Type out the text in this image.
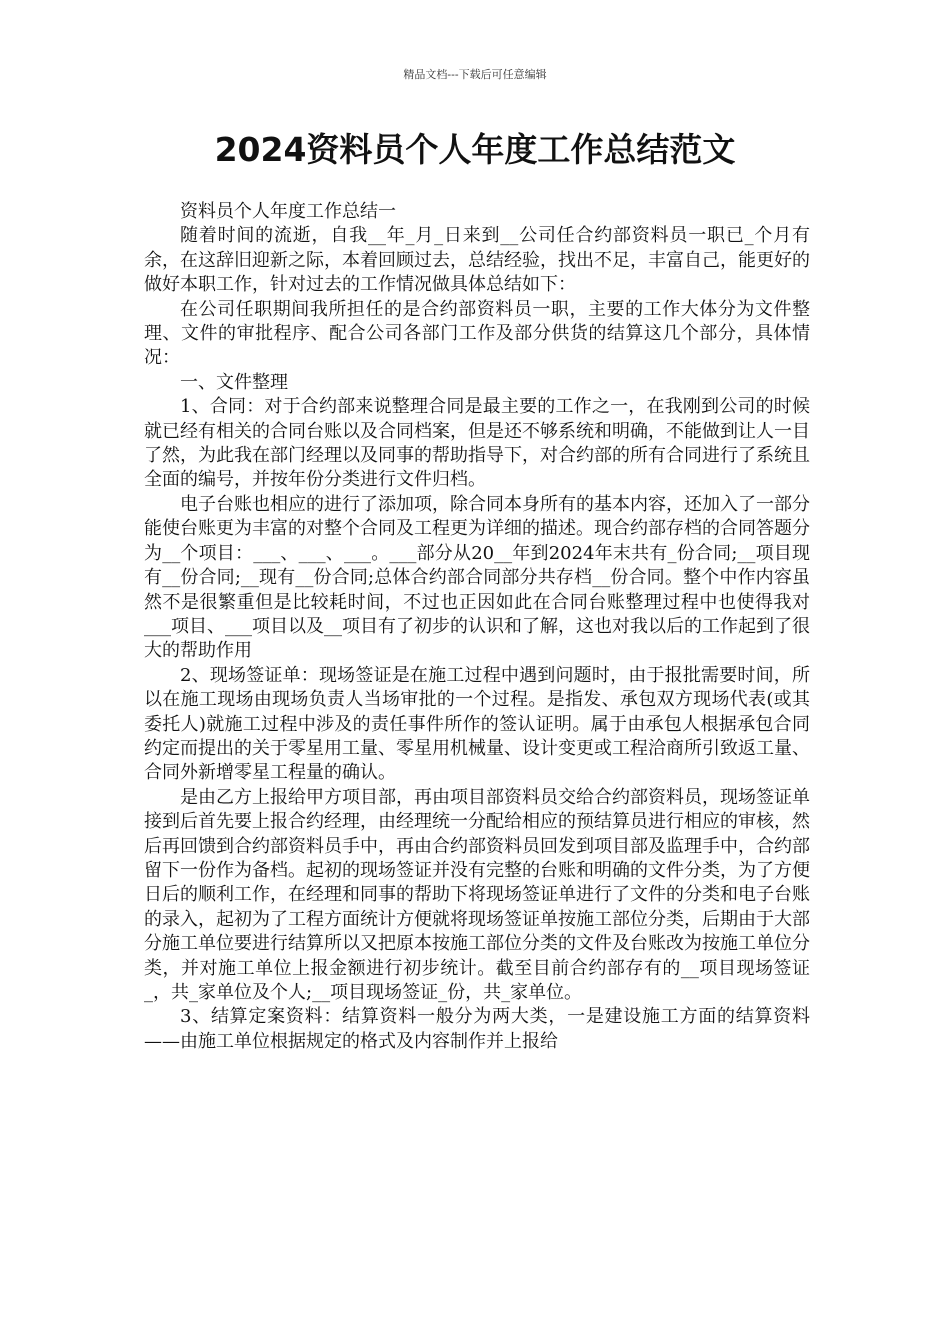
精品文档---下载后可任意编辑
2024资料员个人年度工作总结范文

资料员个人年度工作总结一

随着时间的流逝，自我__年_月_日来到__公司任合约部资料员一职已_个月有余，在这辞旧迎新之际，本着回顾过去，总结经验，找出不足，丰富自己，能更好的做好本职工作，针对过去的工作情况做具体总结如下：

在公司任职期间我所担任的是合约部资料员一职，主要的工作大体分为文件整理、文件的审批程序、配合公司各部门工作及部分供货的结算这几个部分，具体情况：

一、文件整理

1、合同：对于合约部来说整理合同是最主要的工作之一，在我刚到公司的时候就已经有相关的合同台账以及合同档案，但是还不够系统和明确，不能做到让人一目了然，为此我在部门经理以及同事的帮助指导下，对合约部的所有合同进行了系统且全面的编号，并按年份分类进行文件归档。

电子台账也相应的进行了添加项，除合同本身所有的基本内容，还加入了一部分能使台账更为丰富的对整个合同及工程更为详细的描述。现合约部存档的合同答题分为__个项目：___、___、___。___部分从20__年到2024年末共有_份合同;__项目现有__份合同;__现有__份合同;总体合约部合同部分共存档__份合同。整个中作内容虽然不是很繁重但是比较耗时间，不过也正因如此在合同台账整理过程中也使得我对___项目、___项目以及__项目有了初步的认识和了解，这也对我以后的工作起到了很大的帮助作用

2、现场签证单：现场签证是在施工过程中遇到问题时，由于报批需要时间，所以在施工现场由现场负责人当场审批的一个过程。是指发、承包双方现场代表(或其委托人)就施工过程中涉及的责任事件所作的签认证明。属于由承包人根据承包合同约定而提出的关于零星用工量、零星用机械量、设计变更或工程洽商所引致返工量、合同外新增零星工程量的确认。

是由乙方上报给甲方项目部，再由项目部资料员交给合约部资料员，现场签证单接到后首先要上报合约经理，由经理统一分配给相应的预结算员进行相应的审核，然后再回馈到合约部资料员手中，再由合约部资料员回发到项目部及监理手中，合约部留下一份作为备档。起初的现场签证并没有完整的台账和明确的文件分类，为了方便日后的顺利工作，在经理和同事的帮助下将现场签证单进行了文件的分类和电子台账的录入，起初为了工程方面统计方便就将现场签证单按施工部位分类，后期由于大部分施工单位要进行结算所以又把原本按施工部位分类的文件及台账改为按施工单位分类，并对施工单位上报金额进行初步统计。截至目前合约部存有的__项目现场签证_，共_家单位及个人;__项目现场签证_份，共_家单位。

3、结算定案资料：结算资料一般分为两大类，一是建设施工方面的结算资料——由施工单位根据规定的格式及内容制作并上报给
